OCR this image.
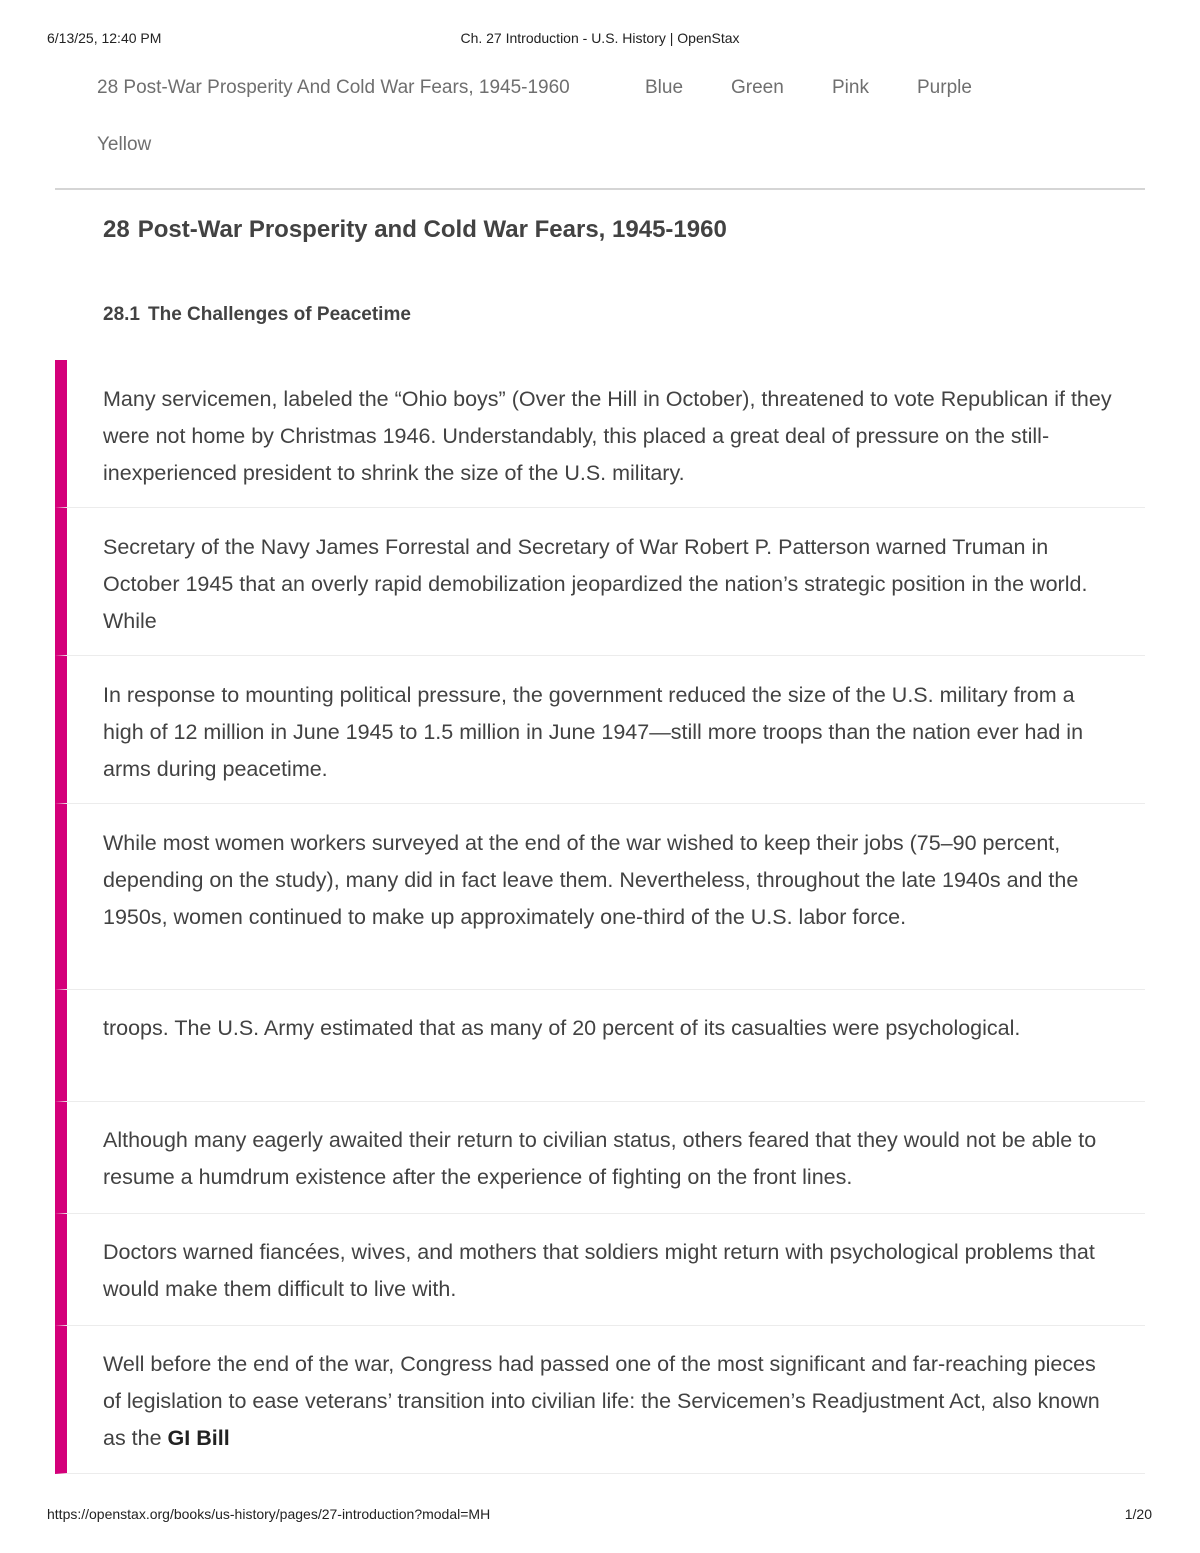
6/13/25, 12:40 PM	Ch. 27 Introduction - U.S. History | OpenStax
28 Post-War Prosperity And Cold War Fears, 1945-1960	Blue	Green	Pink	Purple
Yellow
28 Post-War Prosperity and Cold War Fears, 1945-1960
28.1 The Challenges of Peacetime

Many servicemen, labeled the “Ohio boys” (Over the Hill in October), threatened to vote Republican if they were not home by Christmas 1946. Understandably, this placed a great deal of pressure on the still-inexperienced president to shrink the size of the U.S. military.

Secretary of the Navy James Forrestal and Secretary of War Robert P. Patterson warned Truman in October 1945 that an overly rapid demobilization jeopardized the nation’s strategic position in the world. While

In response to mounting political pressure, the government reduced the size of the U.S. military from a high of 12 million in June 1945 to 1.5 million in June 1947—still more troops than the nation ever had in arms during peacetime.

While most women workers surveyed at the end of the war wished to keep their jobs (75–90 percent, depending on the study), many did in fact leave them. Nevertheless, throughout the late 1940s and the 1950s, women continued to make up approximately one-third of the U.S. labor force.

troops. The U.S. Army estimated that as many of 20 percent of its casualties were psychological.

Although many eagerly awaited their return to civilian status, others feared that they would not be able to resume a humdrum existence after the experience of fighting on the front lines.

Doctors warned fiancées, wives, and mothers that soldiers might return with psychological problems that would make them difficult to live with.

Well before the end of the war, Congress had passed one of the most significant and far-reaching pieces of legislation to ease veterans’ transition into civilian life: the Servicemen’s Readjustment Act, also known as the GI Bill

https://openstax.org/books/us-history/pages/27-introduction?modal=MH	1/20
